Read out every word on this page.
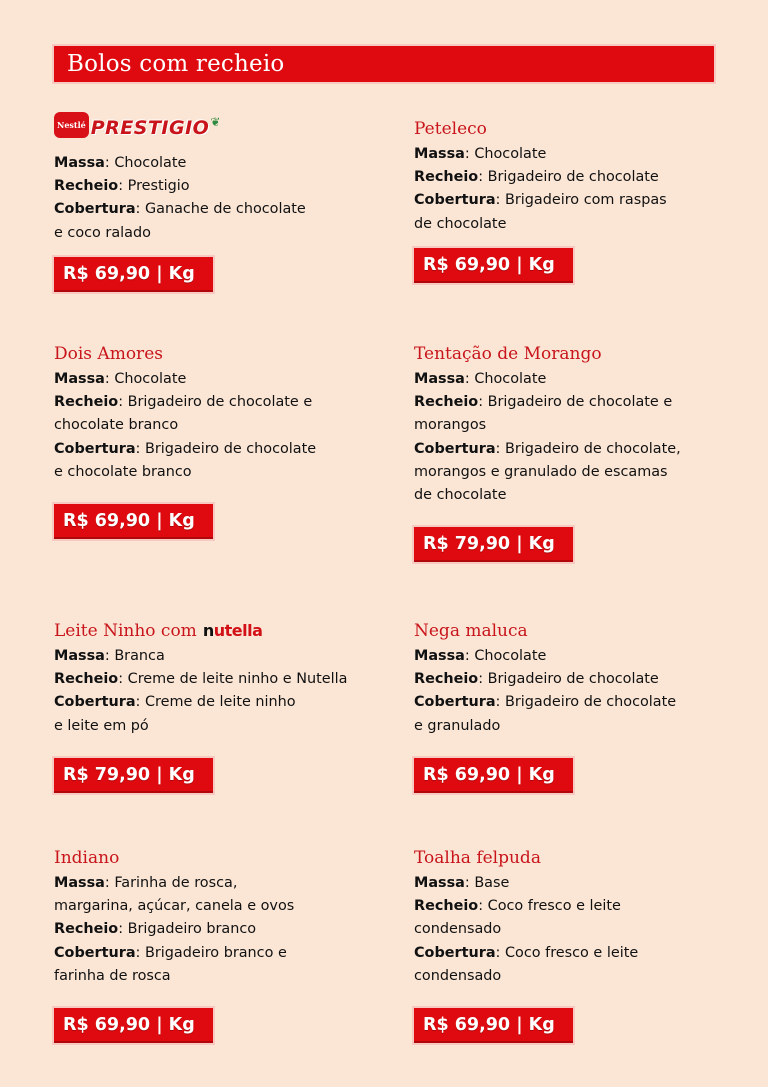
Bolos com recheio
Nestlé PRESTIGIO ❦
Massa: Chocolate
Recheio: Prestigio
Cobertura: Ganache de chocolate
e coco ralado
R$ 69,90 | Kg
Peteleco
Massa: Chocolate
Recheio: Brigadeiro de chocolate
Cobertura: Brigadeiro com raspas
de chocolate
R$ 69,90 | Kg
Dois Amores
Massa: Chocolate
Recheio: Brigadeiro de chocolate e
chocolate branco
Cobertura: Brigadeiro de chocolate
e chocolate branco
R$ 69,90 | Kg
Tentação de Morango
Massa: Chocolate
Recheio: Brigadeiro de chocolate e
morangos
Cobertura: Brigadeiro de chocolate,
morangos e granulado de escamas
de chocolate
R$ 79,90 | Kg
Leite Ninho com nutella
Massa: Branca
Recheio: Creme de leite ninho e Nutella
Cobertura: Creme de leite ninho
e leite em pó
R$ 79,90 | Kg
Nega maluca
Massa: Chocolate
Recheio: Brigadeiro de chocolate
Cobertura: Brigadeiro de chocolate
e granulado
R$ 69,90 | Kg
Indiano
Massa: Farinha de rosca,
margarina, açúcar, canela e ovos
Recheio: Brigadeiro branco
Cobertura: Brigadeiro branco e
farinha de rosca
R$ 69,90 | Kg
Toalha felpuda
Massa: Base
Recheio: Coco fresco e leite
condensado
Cobertura: Coco fresco e leite
condensado
R$ 69,90 | Kg
